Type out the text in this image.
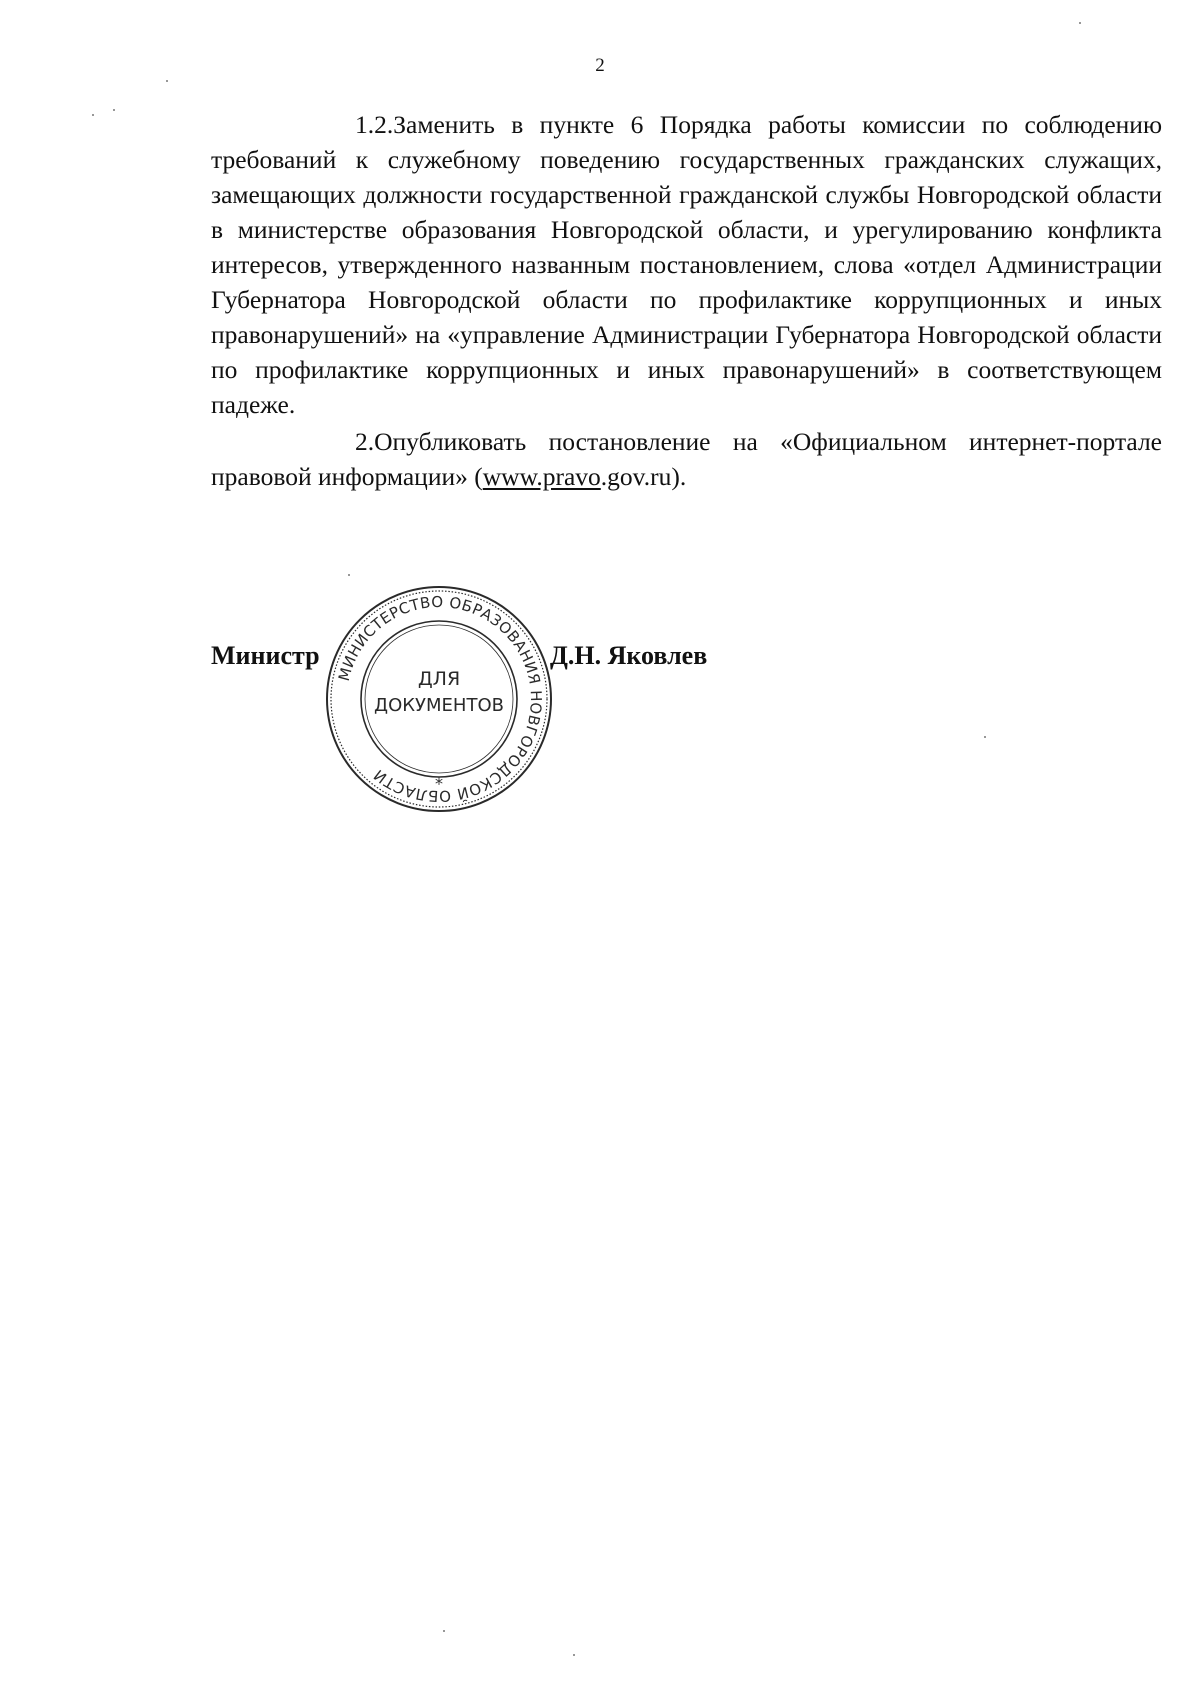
2

1.2.Заменить в пункте 6 Порядка работы комиссии по соблюдению требований к служебному поведению государственных гражданских служащих, замещающих должности государственной гражданской службы Новгородской области в министерстве образования Новгородской области, и урегулированию конфликта интересов, утвержденного названным постановлением, слова «отдел Администрации Губернатора Новгородской области по профилактике коррупционных и иных правонарушений» на «управление Администрации Губернатора Новгородской области по профилактике коррупционных и иных правонарушений» в соответствующем падеже.

2.Опубликовать постановление на «Официальном интернет-портале правовой информации» (www.pravo.gov.ru).

Министр	Д.Н. Яковлев
МИНИСТЕРСТВО ОБРАЗОВАНИЯ НОВГОРОДСКОЙ ОБЛАСТИ
ДЛЯ
ДОКУМЕНТОВ
*
